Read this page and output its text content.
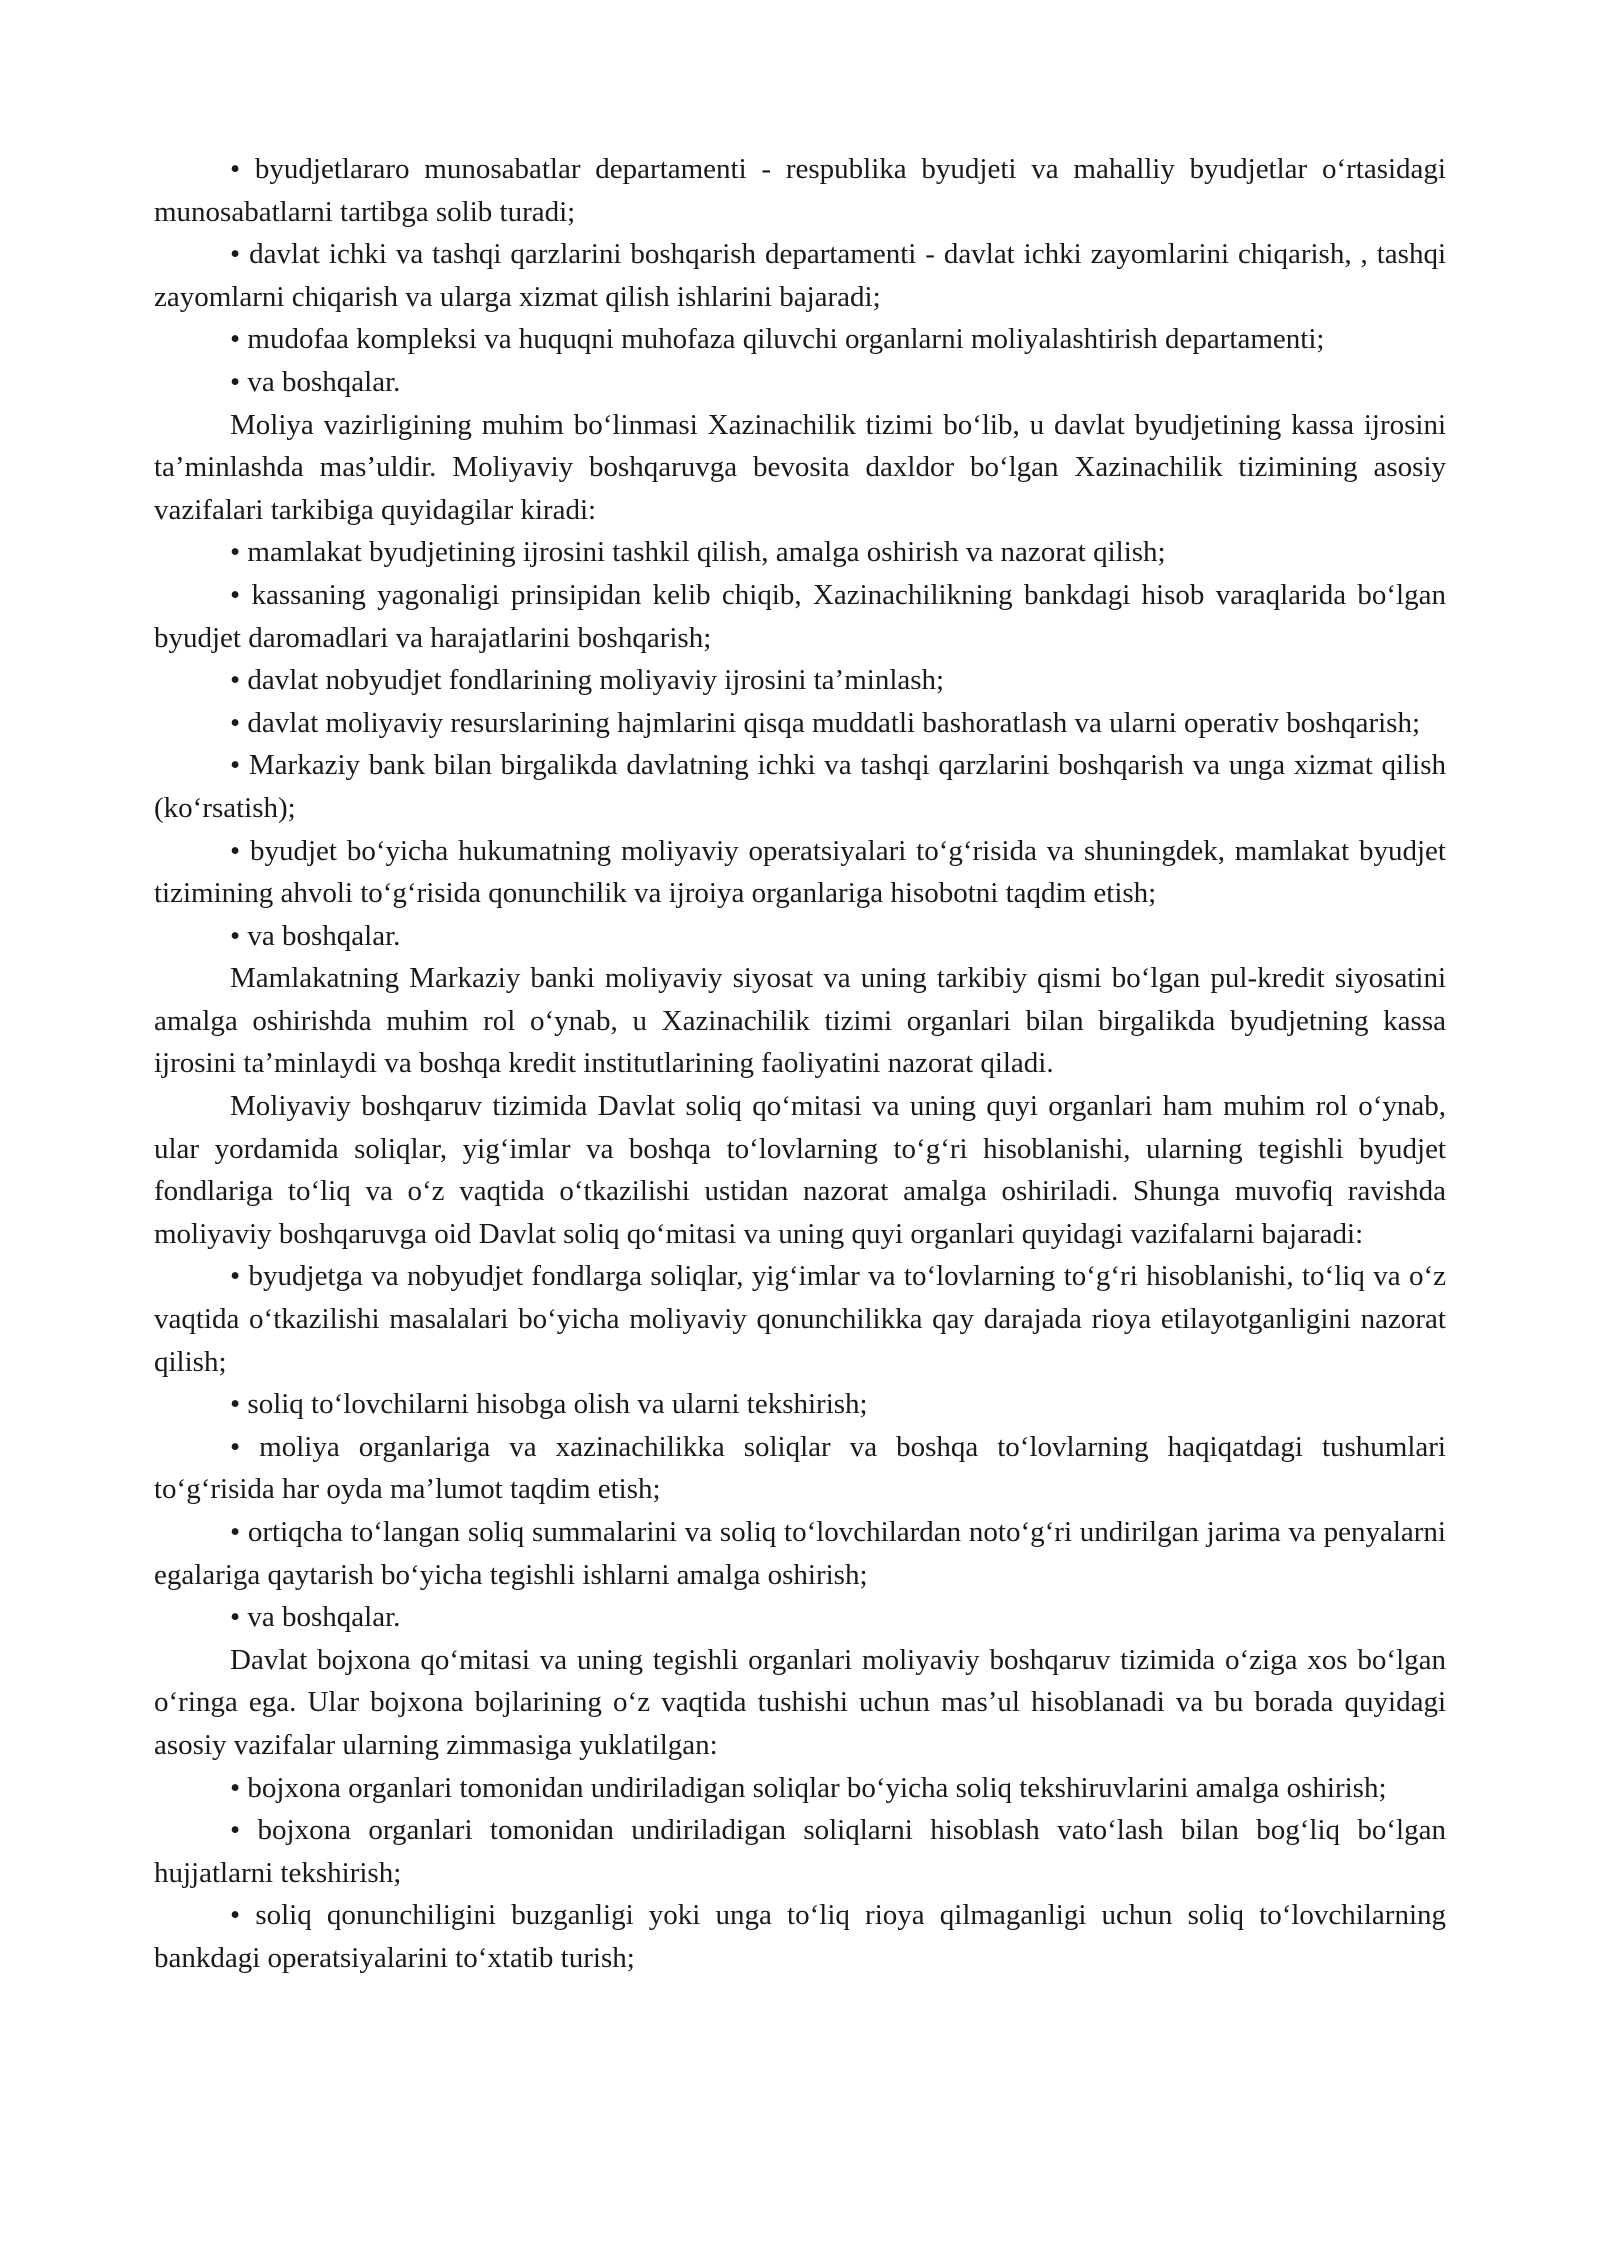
• byudjetlararo munosabatlar departamenti - respublika byudjeti va mahalliy byudjetlar oʻrtasidagi munosabatlarni tartibga solib turadi;

• davlat ichki va tashqi qarzlarini boshqarish departamenti - davlat ichki zayomlarini chiqarish, , tashqi zayomlarni chiqarish va ularga xizmat qilish ishlarini bajaradi;

• mudofaa kompleksi va huquqni muhofaza qiluvchi organlarni moliyalashtirish departamenti;

• va boshqalar.

Moliya vazirligining muhim boʻlinmasi Xazinachilik tizimi boʻlib, u davlat byudjetining kassa ijrosini ta’minlashda mas’uldir. Moliyaviy boshqaruvga bevosita daxldor boʻlgan Xazinachilik tizimining asosiy vazifalari tarkibiga quyidagilar kiradi:

• mamlakat byudjetining ijrosini tashkil qilish, amalga oshirish va nazorat qilish;

• kassaning yagonaligi prinsipidan kelib chiqib, Xazinachilikning bankdagi hisob varaqlarida boʻlgan byudjet daromadlari va harajatlarini boshqarish;

• davlat nobyudjet fondlarining moliyaviy ijrosini ta’minlash;

• davlat moliyaviy resurslarining hajmlarini qisqa muddatli bashoratlash va ularni operativ boshqarish;

• Markaziy bank bilan birgalikda davlatning ichki va tashqi qarzlarini boshqarish va unga xizmat qilish (koʻrsatish);

• byudjet boʻyicha hukumatning moliyaviy operatsiyalari toʻgʻrisida va shuningdek, mamlakat byudjet tizimining ahvoli toʻgʻrisida qonunchilik va ijroiya organlariga hisobotni taqdim etish;

• va boshqalar.

Mamlakatning Markaziy banki moliyaviy siyosat va uning tarkibiy qismi boʻlgan pul-kredit siyosatini amalga oshirishda muhim rol oʻynab, u Xazinachilik tizimi organlari bilan birgalikda byudjetning kassa ijrosini ta’minlaydi va boshqa kredit institutlarining faoliyatini nazorat qiladi.

Moliyaviy boshqaruv tizimida Davlat soliq qoʻmitasi va uning quyi organlari ham muhim rol oʻynab, ular yordamida soliqlar, yigʻimlar va boshqa toʻlovlarning toʻgʻri hisoblanishi, ularning tegishli byudjet fondlariga toʻliq va oʻz vaqtida oʻtkazilishi ustidan nazorat amalga oshiriladi. Shunga muvofiq ravishda moliyaviy boshqaruvga oid Davlat soliq qoʻmitasi va uning quyi organlari quyidagi vazifalarni bajaradi:

• byudjetga va nobyudjet fondlarga soliqlar, yigʻimlar va toʻlovlarning toʻgʻri hisoblanishi, toʻliq va oʻz vaqtida oʻtkazilishi masalalari boʻyicha moliyaviy qonunchilikka qay darajada rioya etilayotganligini nazorat qilish;

• soliq toʻlovchilarni hisobga olish va ularni tekshirish;

• moliya organlariga va xazinachilikka soliqlar va boshqa toʻlovlarning haqiqatdagi tushumlari toʻgʻrisida har oyda ma’lumot taqdim etish;

• ortiqcha toʻlangan soliq summalarini va soliq toʻlovchilardan notoʻgʻri undirilgan jarima va penyalarni egalariga qaytarish boʻyicha tegishli ishlarni amalga oshirish;

• va boshqalar.

Davlat bojxona qoʻmitasi va uning tegishli organlari moliyaviy boshqaruv tizimida oʻziga xos boʻlgan oʻringa ega. Ular bojxona bojlarining oʻz vaqtida tushishi uchun mas’ul hisoblanadi va bu borada quyidagi asosiy vazifalar ularning zimmasiga yuklatilgan:

• bojxona organlari tomonidan undiriladigan soliqlar boʻyicha soliq tekshiruvlarini amalga oshirish;

• bojxona organlari tomonidan undiriladigan soliqlarni hisoblash vatoʻlash bilan bogʻliq boʻlgan hujjatlarni tekshirish;

• soliq qonunchiligini buzganligi yoki unga toʻliq rioya qilmaganligi uchun soliq toʻlovchilarning bankdagi operatsiyalarini toʻxtatib turish;
